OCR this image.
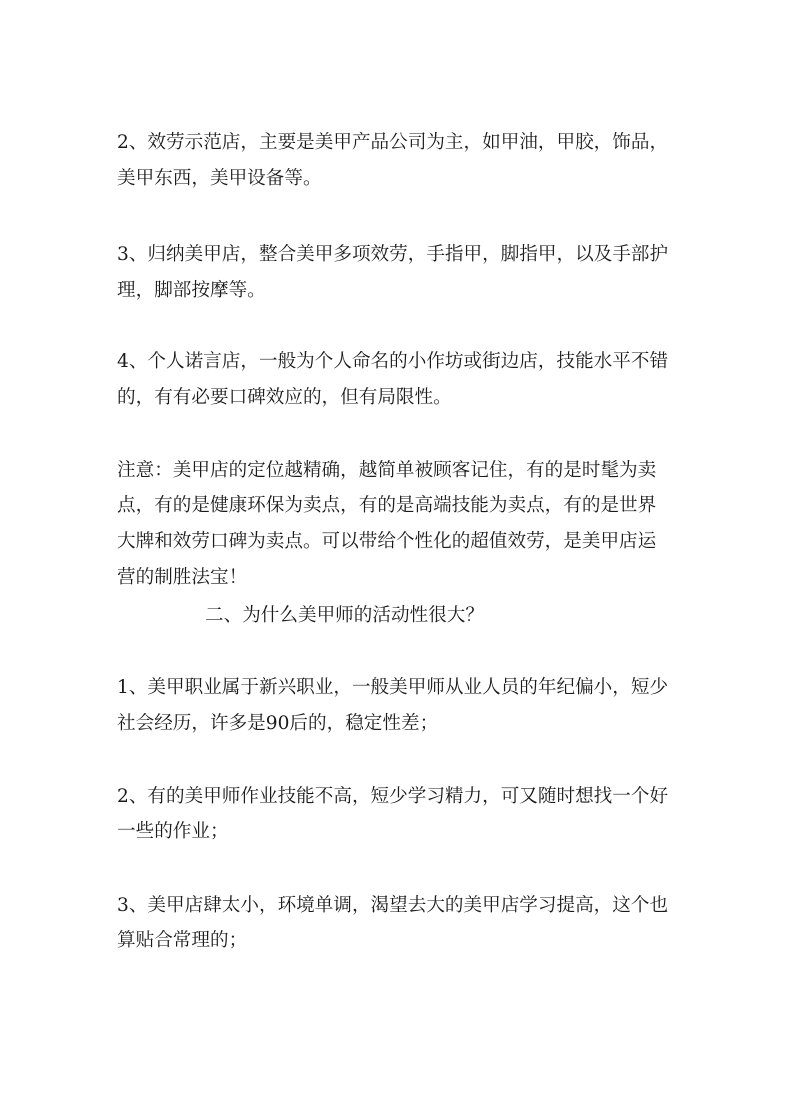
2、效劳示范店，主要是美甲产品公司为主，如甲油，甲胶，饰品，
美甲东西，美甲设备等。
3、归纳美甲店，整合美甲多项效劳，手指甲，脚指甲，以及手部护
理，脚部按摩等。
4、个人诺言店，一般为个人命名的小作坊或街边店，技能水平不错
的，有有必要口碑效应的，但有局限性。
注意：美甲店的定位越精确，越简单被顾客记住，有的是时髦为卖
点，有的是健康环保为卖点，有的是高端技能为卖点，有的是世界
大牌和效劳口碑为卖点。可以带给个性化的超值效劳，是美甲店运
营的制胜法宝！
二、为什么美甲师的活动性很大？
1、美甲职业属于新兴职业，一般美甲师从业人员的年纪偏小，短少
社会经历，许多是90后的，稳定性差；
2、有的美甲师作业技能不高，短少学习精力，可又随时想找一个好
一些的作业；
3、美甲店肆太小，环境单调，渴望去大的美甲店学习提高，这个也
算贴合常理的；
